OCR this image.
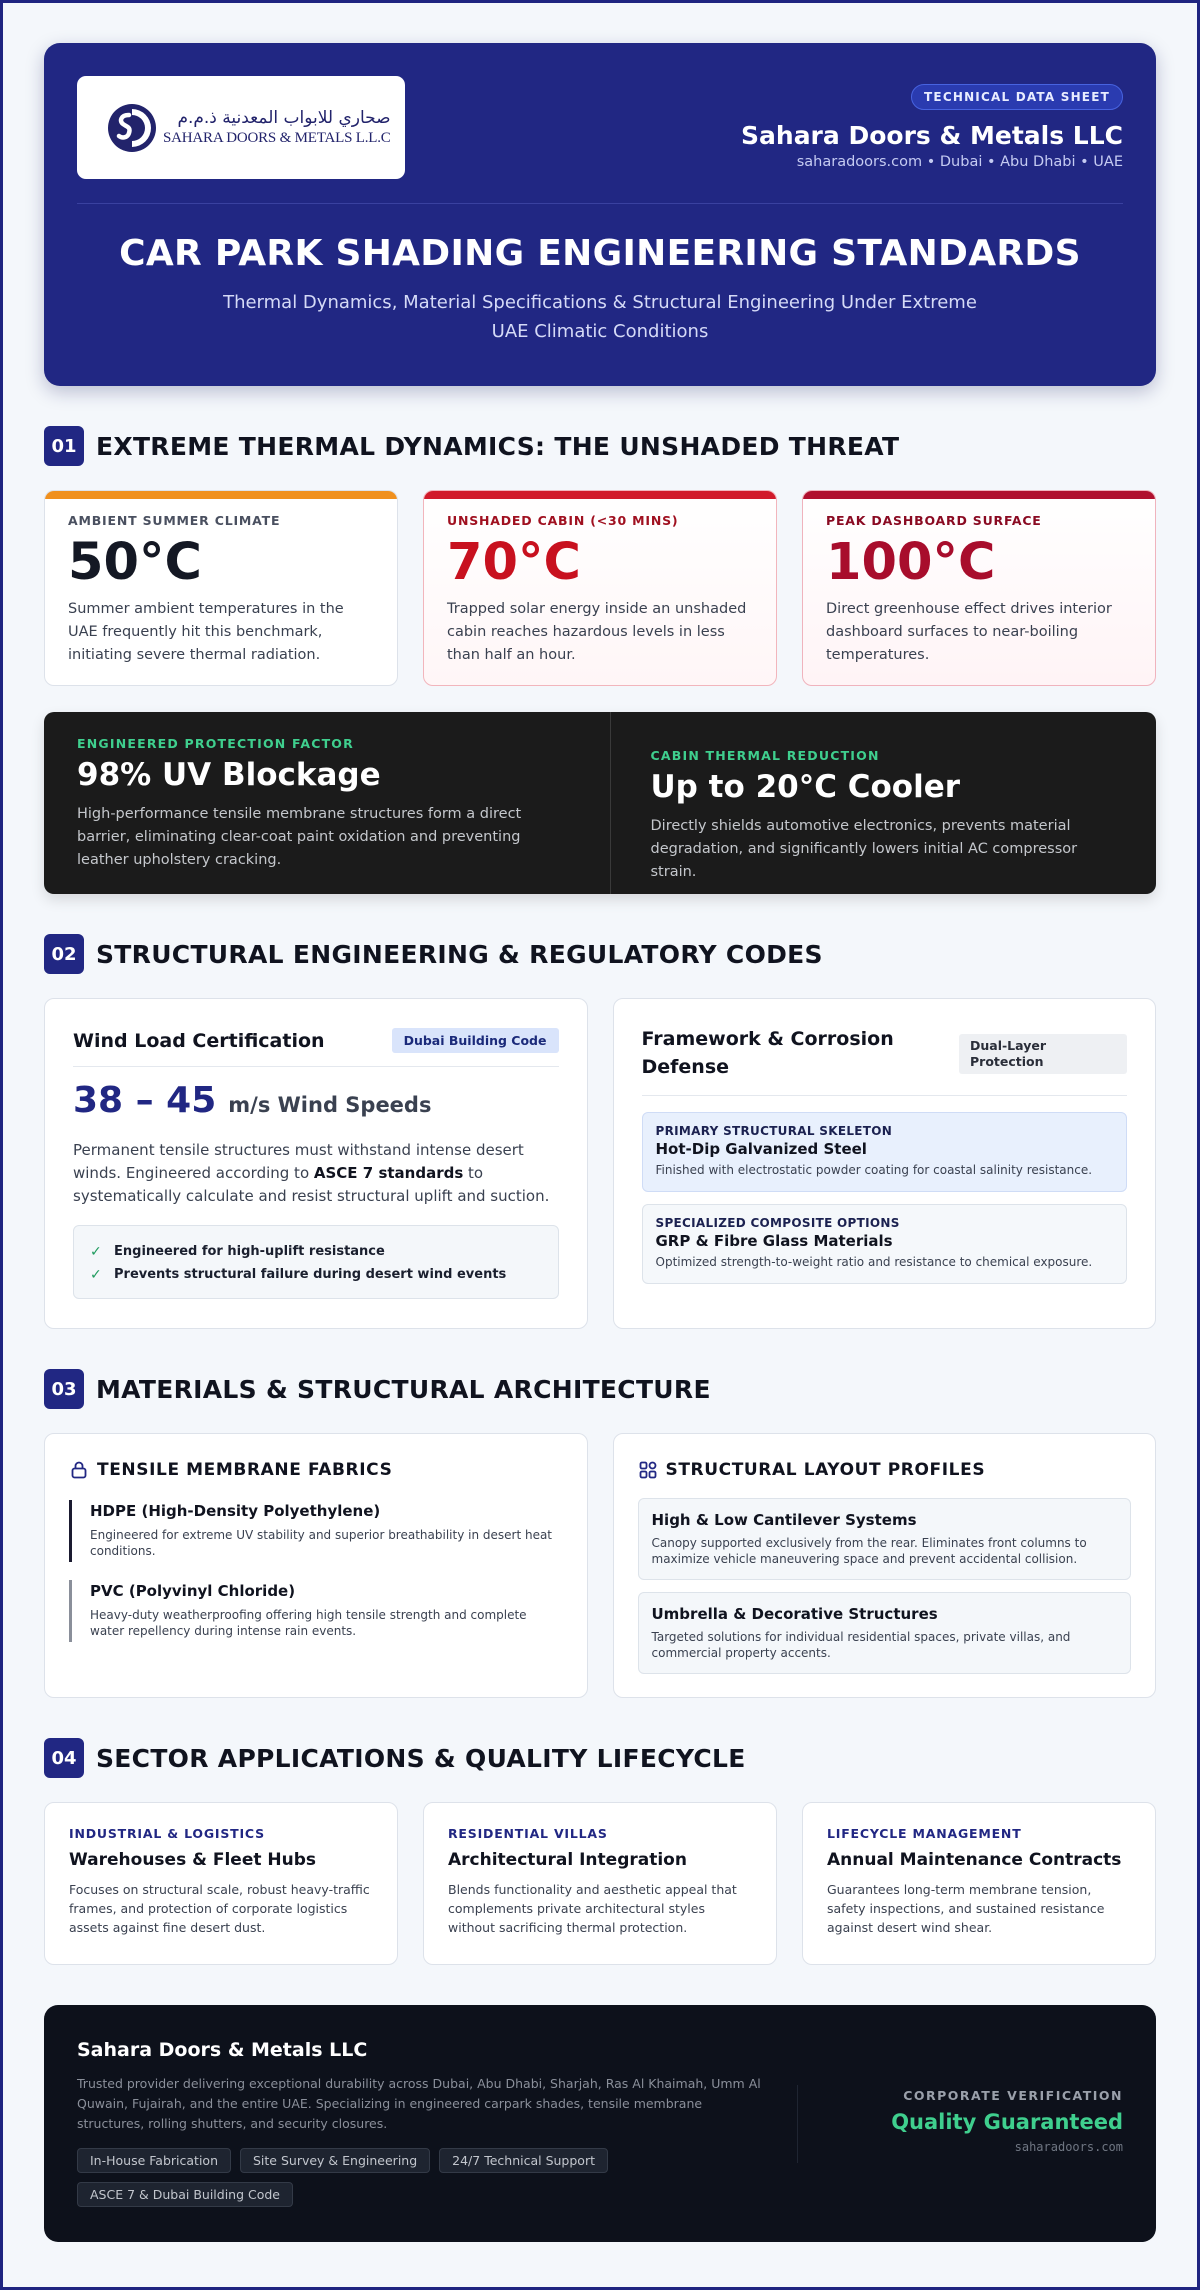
صحاري للابواب المعدنية ذ.م.م
SAHARA DOORS & METALS L.L.C
TECHNICAL DATA SHEET
Sahara Doors & Metals LLC
saharadoors.com • Dubai • Abu Dhabi • UAE
CAR PARK SHADING ENGINEERING STANDARDS
Thermal Dynamics, Material Specifications & Structural Engineering Under Extreme UAE Climatic Conditions
01 EXTREME THERMAL DYNAMICS: THE UNSHADED THREAT
AMBIENT SUMMER CLIMATE
50°C
Summer ambient temperatures in the UAE frequently hit this benchmark, initiating severe thermal radiation.
UNSHADED CABIN (<30 MINS)
70°C
Trapped solar energy inside an unshaded cabin reaches hazardous levels in less than half an hour.
PEAK DASHBOARD SURFACE
100°C
Direct greenhouse effect drives interior dashboard surfaces to near-boiling temperatures.
ENGINEERED PROTECTION FACTOR
98% UV Blockage
High-performance tensile membrane structures form a direct barrier, eliminating clear-coat paint oxidation and preventing leather upholstery cracking.
CABIN THERMAL REDUCTION
Up to 20°C Cooler
Directly shields automotive electronics, prevents material degradation, and significantly lowers initial AC compressor strain.
02 STRUCTURAL ENGINEERING & REGULATORY CODES
Wind Load Certification	Dubai Building Code
38 – 45 m/s Wind Speeds
Permanent tensile structures must withstand intense desert winds. Engineered according to ASCE 7 standards to systematically calculate and resist structural uplift and suction.
✓ Engineered for high-uplift resistance
✓ Prevents structural failure during desert wind events
Framework & Corrosion Defense
Dual-Layer Protection
PRIMARY STRUCTURAL SKELETON
Hot-Dip Galvanized Steel
Finished with electrostatic powder coating for coastal salinity resistance.
SPECIALIZED COMPOSITE OPTIONS
GRP & Fibre Glass Materials
Optimized strength-to-weight ratio and resistance to chemical exposure.
03 MATERIALS & STRUCTURAL ARCHITECTURE
TENSILE MEMBRANE FABRICS
HDPE (High-Density Polyethylene)
Engineered for extreme UV stability and superior breathability in desert heat conditions.
PVC (Polyvinyl Chloride)
Heavy-duty weatherproofing offering high tensile strength and complete water repellency during intense rain events.
STRUCTURAL LAYOUT PROFILES
High & Low Cantilever Systems
Canopy supported exclusively from the rear. Eliminates front columns to maximize vehicle maneuvering space and prevent accidental collision.
Umbrella & Decorative Structures
Targeted solutions for individual residential spaces, private villas, and commercial property accents.
04 SECTOR APPLICATIONS & QUALITY LIFECYCLE
INDUSTRIAL & LOGISTICS
Warehouses & Fleet Hubs
Focuses on structural scale, robust heavy-traffic frames, and protection of corporate logistics assets against fine desert dust.
RESIDENTIAL VILLAS
Architectural Integration
Blends functionality and aesthetic appeal that complements private architectural styles without sacrificing thermal protection.
LIFECYCLE MANAGEMENT
Annual Maintenance Contracts
Guarantees long-term membrane tension, safety inspections, and sustained resistance against desert wind shear.
Sahara Doors & Metals LLC
Trusted provider delivering exceptional durability across Dubai, Abu Dhabi, Sharjah, Ras Al Khaimah, Umm Al Quwain, Fujairah, and the entire UAE. Specializing in engineered carpark shades, tensile membrane structures, rolling shutters, and security closures.
In-House Fabrication	Site Survey & Engineering	24/7 Technical Support
ASCE 7 & Dubai Building Code
CORPORATE VERIFICATION
Quality Guaranteed
saharadoors.com
